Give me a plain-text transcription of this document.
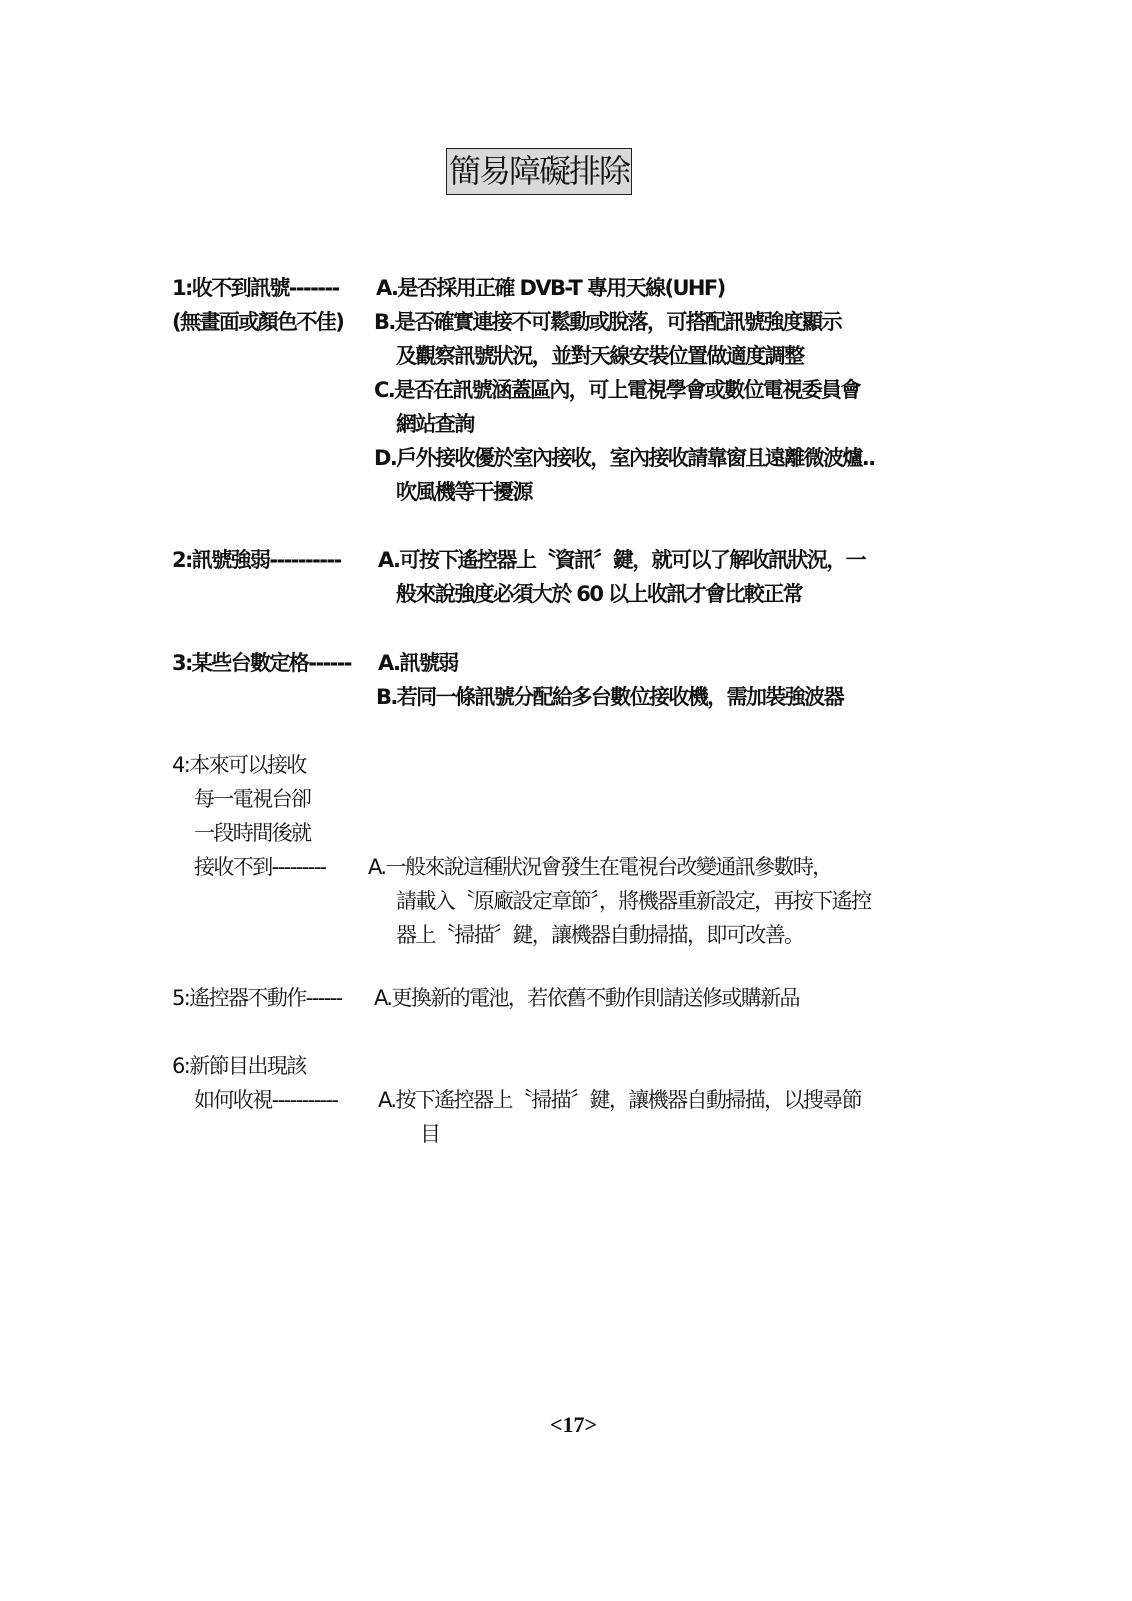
簡易障礙排除
1:收不到訊號------- A.是否採用正確 DVB-T 專用天線(UHF)
(無畫面或顏色不佳) B.是否確實連接不可鬆動或脫落，可搭配訊號強度顯示
及觀察訊號狀況，並對天線安裝位置做適度調整
C.是否在訊號涵蓋區內，可上電視學會或數位電視委員會
網站查詢
D.戶外接收優於室內接收，室內接收請靠窗且遠離微波爐..
吹風機等干擾源
2:訊號強弱---------- A.可按下遙控器上〝資訊〞鍵，就可以了解收訊狀況，一
般來說強度必須大於 60 以上收訊才會比較正常
3:某些台數定格------ A.訊號弱
B.若同一條訊號分配給多台數位接收機，需加裝強波器
4:本來可以接收
每一電視台卻
一段時間後就
接收不到--------- A.一般來說這種狀況會發生在電視台改變通訊參數時，
請載入〝原廠設定章節〞，將機器重新設定，再按下遙控
器上〝掃描〞鍵，讓機器自動掃描，即可改善。
5:遙控器不動作------ A.更換新的電池，若依舊不動作則請送修或購新品
6:新節目出現該
如何收視----------- A.按下遙控器上〝掃描〞鍵，讓機器自動掃描，以搜尋節
目
<17>
